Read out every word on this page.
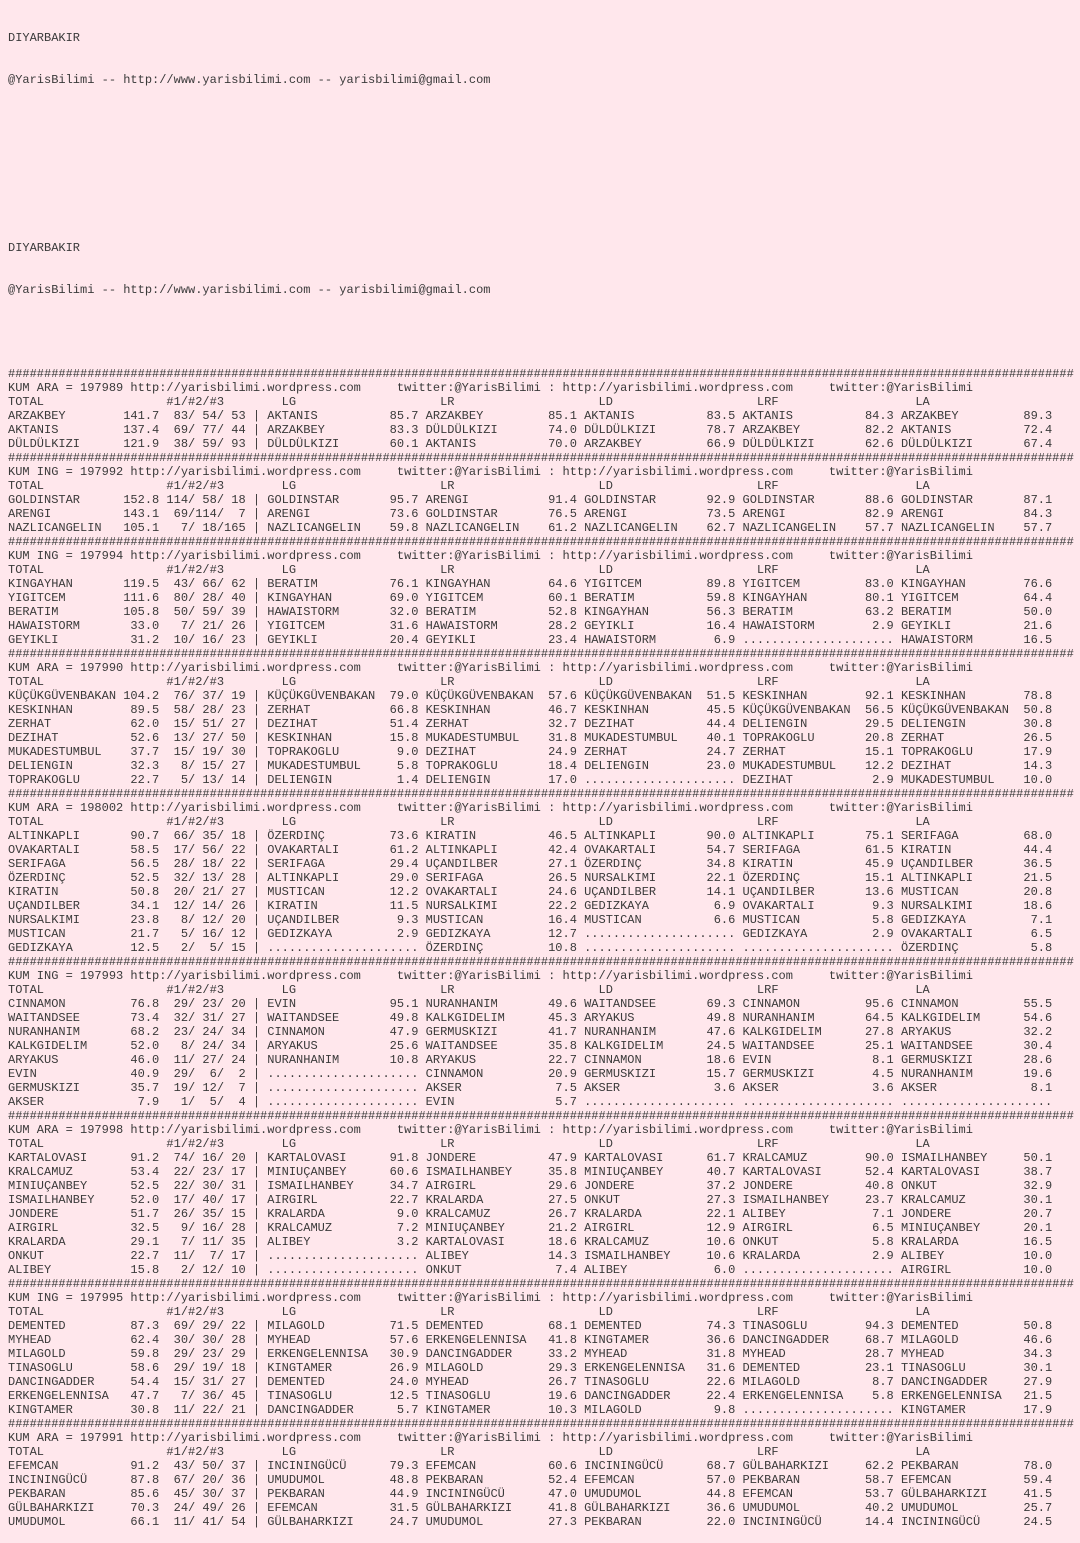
DIYARBAKIR

@YarisBilimi -- http://www.yarisbilimi.com -- yarisbilimi@gmail.com

DIYARBAKIR

@YarisBilimi -- http://www.yarisbilimi.com -- yarisbilimi@gmail.com

####################################################################################################################################################
KUM ARA = 197989 http://yarisbilimi.wordpress.com     twitter:@YarisBilimi : http://yarisbilimi.wordpress.com     twitter:@YarisBilimi
TOTAL                 #1/#2/#3        LG                    LR                    LD                    LRF                   LA
ARZAKBEY        141.7  83/ 54/ 53 | AKTANIS          85.7 ARZAKBEY         85.1 AKTANIS          83.5 AKTANIS          84.3 ARZAKBEY         89.3
AKTANIS         137.4  69/ 77/ 44 | ARZAKBEY         83.3 DÜLDÜLKIZI       74.0 DÜLDÜLKIZI       78.7 ARZAKBEY         82.2 AKTANIS          72.4
DÜLDÜLKIZI      121.9  38/ 59/ 93 | DÜLDÜLKIZI       60.1 AKTANIS          70.0 ARZAKBEY         66.9 DÜLDÜLKIZI       62.6 DÜLDÜLKIZI       67.4
####################################################################################################################################################
KUM ING = 197992 http://yarisbilimi.wordpress.com     twitter:@YarisBilimi : http://yarisbilimi.wordpress.com     twitter:@YarisBilimi
TOTAL                 #1/#2/#3        LG                    LR                    LD                    LRF                   LA
GOLDINSTAR      152.8 114/ 58/ 18 | GOLDINSTAR       95.7 ARENGI           91.4 GOLDINSTAR       92.9 GOLDINSTAR       88.6 GOLDINSTAR       87.1
ARENGI          143.1  69/114/  7 | ARENGI           73.6 GOLDINSTAR       76.5 ARENGI           73.5 ARENGI           82.9 ARENGI           84.3
NAZLICANGELIN   105.1   7/ 18/165 | NAZLICANGELIN    59.8 NAZLICANGELIN    61.2 NAZLICANGELIN    62.7 NAZLICANGELIN    57.7 NAZLICANGELIN    57.7
####################################################################################################################################################
KUM ING = 197994 http://yarisbilimi.wordpress.com     twitter:@YarisBilimi : http://yarisbilimi.wordpress.com     twitter:@YarisBilimi
TOTAL                 #1/#2/#3        LG                    LR                    LD                    LRF                   LA
KINGAYHAN       119.5  43/ 66/ 62 | BERATIM          76.1 KINGAYHAN        64.6 YIGITCEM         89.8 YIGITCEM         83.0 KINGAYHAN        76.6
YIGITCEM        111.6  80/ 28/ 40 | KINGAYHAN        69.0 YIGITCEM         60.1 BERATIM          59.8 KINGAYHAN        80.1 YIGITCEM         64.4
BERATIM         105.8  50/ 59/ 39 | HAWAISTORM       32.0 BERATIM          52.8 KINGAYHAN        56.3 BERATIM          63.2 BERATIM          50.0
HAWAISTORM       33.0   7/ 21/ 26 | YIGITCEM         31.6 HAWAISTORM       28.2 GEYIKLI          16.4 HAWAISTORM        2.9 GEYIKLI          21.6
GEYIKLI          31.2  10/ 16/ 23 | GEYIKLI          20.4 GEYIKLI          23.4 HAWAISTORM        6.9 ..................... HAWAISTORM       16.5
####################################################################################################################################################
KUM ARA = 197990 http://yarisbilimi.wordpress.com     twitter:@YarisBilimi : http://yarisbilimi.wordpress.com     twitter:@YarisBilimi
TOTAL                 #1/#2/#3        LG                    LR                    LD                    LRF                   LA
KÜÇÜKGÜVENBAKAN 104.2  76/ 37/ 19 | KÜÇÜKGÜVENBAKAN  79.0 KÜÇÜKGÜVENBAKAN  57.6 KÜÇÜKGÜVENBAKAN  51.5 KESKINHAN        92.1 KESKINHAN        78.8
KESKINHAN        89.5  58/ 28/ 23 | ZERHAT           66.8 KESKINHAN        46.7 KESKINHAN        45.5 KÜÇÜKGÜVENBAKAN  56.5 KÜÇÜKGÜVENBAKAN  50.8
ZERHAT           62.0  15/ 51/ 27 | DEZIHAT          51.4 ZERHAT           32.7 DEZIHAT          44.4 DELIENGIN        29.5 DELIENGIN        30.8
DEZIHAT          52.6  13/ 27/ 50 | KESKINHAN        15.8 MUKADESTUMBUL    31.8 MUKADESTUMBUL    40.1 TOPRAKOGLU       20.8 ZERHAT           26.5
MUKADESTUMBUL    37.7  15/ 19/ 30 | TOPRAKOGLU        9.0 DEZIHAT          24.9 ZERHAT           24.7 ZERHAT           15.1 TOPRAKOGLU       17.9
DELIENGIN        32.3   8/ 15/ 27 | MUKADESTUMBUL     5.8 TOPRAKOGLU       18.4 DELIENGIN        23.0 MUKADESTUMBUL    12.2 DEZIHAT          14.3
TOPRAKOGLU       22.7   5/ 13/ 14 | DELIENGIN         1.4 DELIENGIN        17.0 ..................... DEZIHAT           2.9 MUKADESTUMBUL    10.0
####################################################################################################################################################
KUM ARA = 198002 http://yarisbilimi.wordpress.com     twitter:@YarisBilimi : http://yarisbilimi.wordpress.com     twitter:@YarisBilimi
TOTAL                 #1/#2/#3        LG                    LR                    LD                    LRF                   LA
ALTINKAPLI       90.7  66/ 35/ 18 | ÖZERDINÇ         73.6 KIRATIN          46.5 ALTINKAPLI       90.0 ALTINKAPLI       75.1 SERIFAGA         68.0
OVAKARTALI       58.5  17/ 56/ 22 | OVAKARTALI       61.2 ALTINKAPLI       42.4 OVAKARTALI       54.7 SERIFAGA         61.5 KIRATIN          44.4
SERIFAGA         56.5  28/ 18/ 22 | SERIFAGA         29.4 UÇANDILBER       27.1 ÖZERDINÇ         34.8 KIRATIN          45.9 UÇANDILBER       36.5
ÖZERDINÇ         52.5  32/ 13/ 28 | ALTINKAPLI       29.0 SERIFAGA         26.5 NURSALKIMI       22.1 ÖZERDINÇ         15.1 ALTINKAPLI       21.5
KIRATIN          50.8  20/ 21/ 27 | MUSTICAN         12.2 OVAKARTALI       24.6 UÇANDILBER       14.1 UÇANDILBER       13.6 MUSTICAN         20.8
UÇANDILBER       34.1  12/ 14/ 26 | KIRATIN          11.5 NURSALKIMI       22.2 GEDIZKAYA         6.9 OVAKARTALI        9.3 NURSALKIMI       18.6
NURSALKIMI       23.8   8/ 12/ 20 | UÇANDILBER        9.3 MUSTICAN         16.4 MUSTICAN          6.6 MUSTICAN          5.8 GEDIZKAYA         7.1
MUSTICAN         21.7   5/ 16/ 12 | GEDIZKAYA         2.9 GEDIZKAYA        12.7 ..................... GEDIZKAYA         2.9 OVAKARTALI        6.5
GEDIZKAYA        12.5   2/  5/ 15 | ..................... ÖZERDINÇ         10.8 ..................... ..................... ÖZERDINÇ          5.8
####################################################################################################################################################
KUM ING = 197993 http://yarisbilimi.wordpress.com     twitter:@YarisBilimi : http://yarisbilimi.wordpress.com     twitter:@YarisBilimi
TOTAL                 #1/#2/#3        LG                    LR                    LD                    LRF                   LA
CINNAMON         76.8  29/ 23/ 20 | EVIN             95.1 NURANHANIM       49.6 WAITANDSEE       69.3 CINNAMON         95.6 CINNAMON         55.5
WAITANDSEE       73.4  32/ 31/ 27 | WAITANDSEE       49.8 KALKGIDELIM      45.3 ARYAKUS          49.8 NURANHANIM       64.5 KALKGIDELIM      54.6
NURANHANIM       68.2  23/ 24/ 34 | CINNAMON         47.9 GERMUSKIZI       41.7 NURANHANIM       47.6 KALKGIDELIM      27.8 ARYAKUS          32.2
KALKGIDELIM      52.0   8/ 24/ 34 | ARYAKUS          25.6 WAITANDSEE       35.8 KALKGIDELIM      24.5 WAITANDSEE       25.1 WAITANDSEE       30.4
ARYAKUS          46.0  11/ 27/ 24 | NURANHANIM       10.8 ARYAKUS          22.7 CINNAMON         18.6 EVIN              8.1 GERMUSKIZI       28.6
EVIN             40.9  29/  6/  2 | ..................... CINNAMON         20.9 GERMUSKIZI       15.7 GERMUSKIZI        4.5 NURANHANIM       19.6
GERMUSKIZI       35.7  19/ 12/  7 | ..................... AKSER             7.5 AKSER             3.6 AKSER             3.6 AKSER             8.1
AKSER             7.9   1/  5/  4 | ..................... EVIN              5.7 ..................... ..................... .....................
####################################################################################################################################################
KUM ARA = 197998 http://yarisbilimi.wordpress.com     twitter:@YarisBilimi : http://yarisbilimi.wordpress.com     twitter:@YarisBilimi
TOTAL                 #1/#2/#3        LG                    LR                    LD                    LRF                   LA
KARTALOVASI      91.2  74/ 16/ 20 | KARTALOVASI      91.8 JONDERE          47.9 KARTALOVASI      61.7 KRALCAMUZ        90.0 ISMAILHANBEY     50.1
KRALCAMUZ        53.4  22/ 23/ 17 | MINIUÇANBEY      60.6 ISMAILHANBEY     35.8 MINIUÇANBEY      40.7 KARTALOVASI      52.4 KARTALOVASI      38.7
MINIUÇANBEY      52.5  22/ 30/ 31 | ISMAILHANBEY     34.7 AIRGIRL          29.6 JONDERE          37.2 JONDERE          40.8 ONKUT            32.9
ISMAILHANBEY     52.0  17/ 40/ 17 | AIRGIRL          22.7 KRALARDA         27.5 ONKUT            27.3 ISMAILHANBEY     23.7 KRALCAMUZ        30.1
JONDERE          51.7  26/ 35/ 15 | KRALARDA          9.0 KRALCAMUZ        26.7 KRALARDA         22.1 ALIBEY            7.1 JONDERE          20.7
AIRGIRL          32.5   9/ 16/ 28 | KRALCAMUZ         7.2 MINIUÇANBEY      21.2 AIRGIRL          12.9 AIRGIRL           6.5 MINIUÇANBEY      20.1
KRALARDA         29.1   7/ 11/ 35 | ALIBEY            3.2 KARTALOVASI      18.6 KRALCAMUZ        10.6 ONKUT             5.8 KRALARDA         16.5
ONKUT            22.7  11/  7/ 17 | ..................... ALIBEY           14.3 ISMAILHANBEY     10.6 KRALARDA          2.9 ALIBEY           10.0
ALIBEY           15.8   2/ 12/ 10 | ..................... ONKUT             7.4 ALIBEY            6.0 ..................... AIRGIRL          10.0
####################################################################################################################################################
KUM ING = 197995 http://yarisbilimi.wordpress.com     twitter:@YarisBilimi : http://yarisbilimi.wordpress.com     twitter:@YarisBilimi
TOTAL                 #1/#2/#3        LG                    LR                    LD                    LRF                   LA
DEMENTED         87.3  69/ 29/ 22 | MILAGOLD         71.5 DEMENTED         68.1 DEMENTED         74.3 TINASOGLU        94.3 DEMENTED         50.8
MYHEAD           62.4  30/ 30/ 28 | MYHEAD           57.6 ERKENGELENNISA   41.8 KINGTAMER        36.6 DANCINGADDER     68.7 MILAGOLD         46.6
MILAGOLD         59.8  29/ 23/ 29 | ERKENGELENNISA   30.9 DANCINGADDER     33.2 MYHEAD           31.8 MYHEAD           28.7 MYHEAD           34.3
TINASOGLU        58.6  29/ 19/ 18 | KINGTAMER        26.9 MILAGOLD         29.3 ERKENGELENNISA   31.6 DEMENTED         23.1 TINASOGLU        30.1
DANCINGADDER     54.4  15/ 31/ 27 | DEMENTED         24.0 MYHEAD           26.7 TINASOGLU        22.6 MILAGOLD          8.7 DANCINGADDER     27.9
ERKENGELENNISA   47.7   7/ 36/ 45 | TINASOGLU        12.5 TINASOGLU        19.6 DANCINGADDER     22.4 ERKENGELENNISA    5.8 ERKENGELENNISA   21.5
KINGTAMER        30.8  11/ 22/ 21 | DANCINGADDER      5.7 KINGTAMER        10.3 MILAGOLD          9.8 ..................... KINGTAMER        17.9
####################################################################################################################################################
KUM ARA = 197991 http://yarisbilimi.wordpress.com     twitter:@YarisBilimi : http://yarisbilimi.wordpress.com     twitter:@YarisBilimi
TOTAL                 #1/#2/#3        LG                    LR                    LD                    LRF                   LA
EFEMCAN          91.2  43/ 50/ 37 | INCININGÜCÜ      79.3 EFEMCAN          60.6 INCININGÜCÜ      68.7 GÜLBAHARKIZI     62.2 PEKBARAN         78.0
INCININGÜCÜ      87.8  67/ 20/ 36 | UMUDUMOL         48.8 PEKBARAN         52.4 EFEMCAN          57.0 PEKBARAN         58.7 EFEMCAN          59.4
PEKBARAN         85.6  45/ 30/ 37 | PEKBARAN         44.9 INCININGÜCÜ      47.0 UMUDUMOL         44.8 EFEMCAN          53.7 GÜLBAHARKIZI     41.5
GÜLBAHARKIZI     70.3  24/ 49/ 26 | EFEMCAN          31.5 GÜLBAHARKIZI     41.8 GÜLBAHARKIZI     36.6 UMUDUMOL         40.2 UMUDUMOL         25.7
UMUDUMOL         66.1  11/ 41/ 54 | GÜLBAHARKIZI     24.7 UMUDUMOL         27.3 PEKBARAN         22.0 INCININGÜCÜ      14.4 INCININGÜCÜ      24.5
